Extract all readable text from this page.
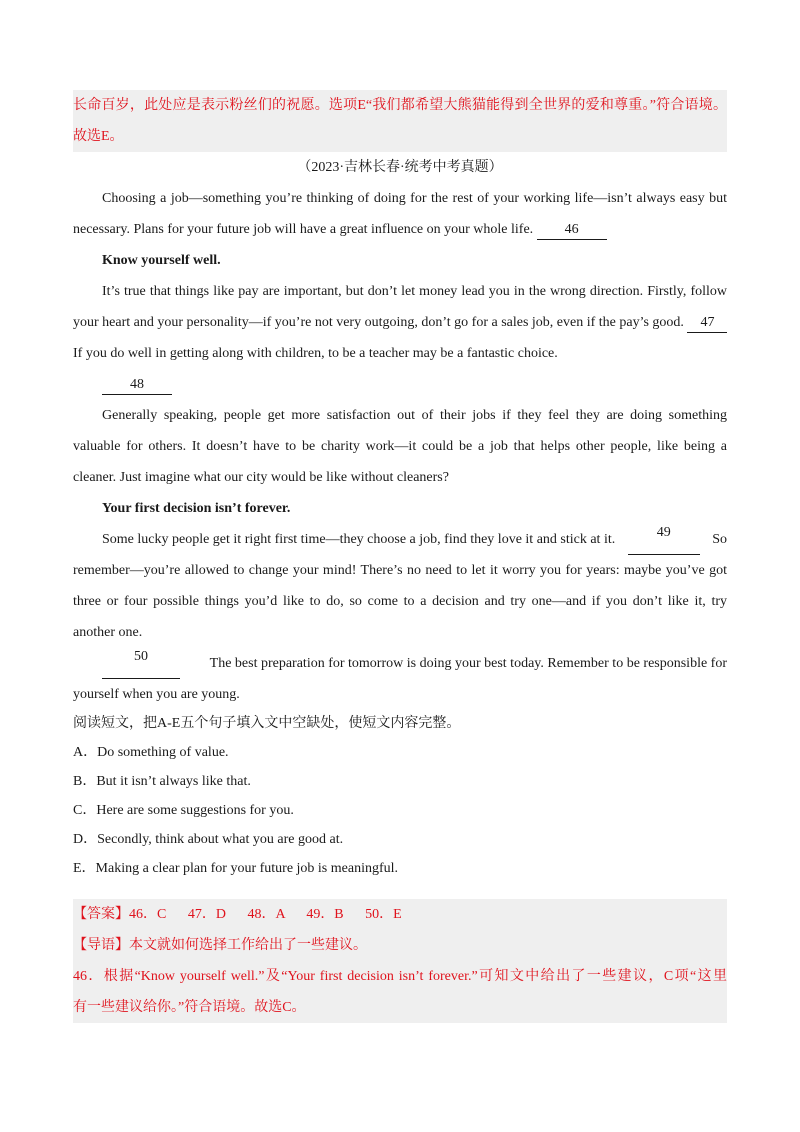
长命百岁，此处应是表示粉丝们的祝愿。选项E“我们都希望大熊猫能得到全世界的爱和尊重。”符合语境。
故选E。
（2023·吉林长春·统考中考真题）
Choosing a job—something you’re thinking of doing for the rest of your working life—isn’t always easy but
necessary. Plans for your future job will have a great influence on your whole life. 46
Know yourself well.
It’s true that things like pay are important, but don’t let money lead you in the wrong direction. Firstly, follow
your heart and your personality—if you’re not very outgoing, don’t go for a sales job, even if the pay’s good. 47
If you do well in getting along with children, to be a teacher may be a fantastic choice.
48
Generally speaking, people get more satisfaction out of their jobs if they feel they are doing something
valuable for others. It doesn’t have to be charity work—it could be a job that helps other people, like being a
cleaner. Just imagine what our city would be like without cleaners?
Your first decision isn’t forever.
Some lucky people get it right first time—they choose a job, find they love it and stick at it.	49	So
remember—you’re allowed to change your mind! There’s no need to let it worry you for years: maybe you’ve got
three or four possible things you’d like to do, so come to a decision and try one—and if you don’t like it, try
another one.
50	The best preparation for tomorrow is doing your best today. Remember to be responsible for
yourself when you are young.
阅读短文，把A-E五个句子填入文中空缺处，使短文内容完整。
A．Do something of value.
B．But it isn’t always like that.
C．Here are some suggestions for you.
D．Secondly, think about what you are good at.
E．Making a clear plan for your future job is meaningful.
【答案】46．C 47．D 48．A 49．B 50．E
【导语】本文就如何选择工作给出了一些建议。
46．根据“Know yourself well.”及“Your first decision isn’t forever.”可知文中给出了一些建议，C项“这里
有一些建议给你。”符合语境。故选C。
